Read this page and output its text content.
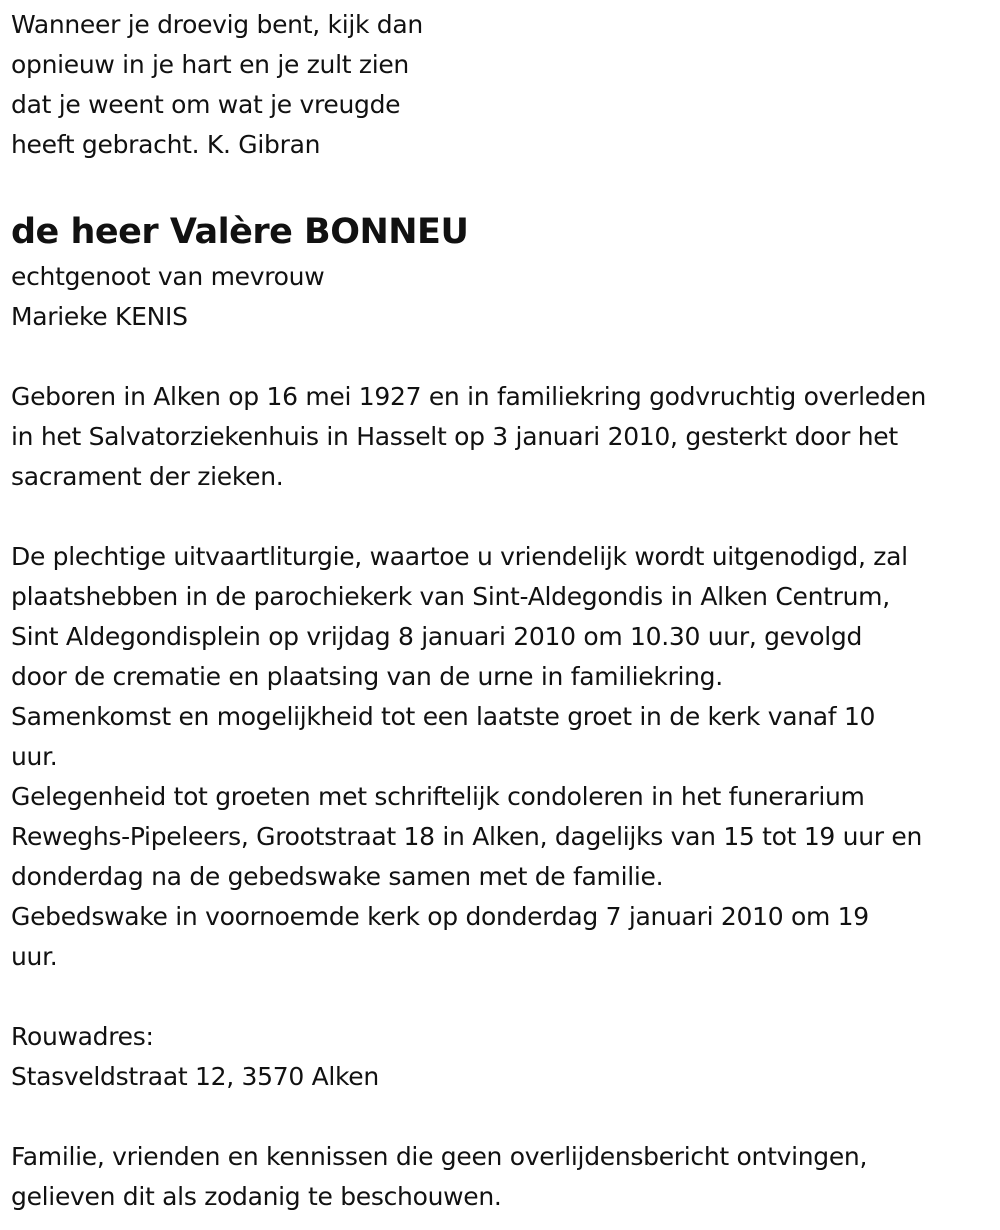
Wanneer je droevig bent, kijk dan
opnieuw in je hart en je zult zien
dat je weent om wat je vreugde
heeft gebracht. K. Gibran
de heer Valère BONNEU
echtgenoot van mevrouw
Marieke KENIS
Geboren in Alken op 16 mei 1927 en in familiekring godvruchtig overleden
in het Salvatorziekenhuis in Hasselt op 3 januari 2010, gesterkt door het
sacrament der zieken.
De plechtige uitvaartliturgie, waartoe u vriendelijk wordt uitgenodigd, zal
plaatshebben in de parochiekerk van Sint-Aldegondis in Alken Centrum,
Sint Aldegondisplein op vrijdag 8 januari 2010 om 10.30 uur, gevolgd
door de crematie en plaatsing van de urne in familiekring.
Samenkomst en mogelijkheid tot een laatste groet in de kerk vanaf 10
uur.
Gelegenheid tot groeten met schriftelijk condoleren in het funerarium
Reweghs-Pipeleers, Grootstraat 18 in Alken, dagelijks van 15 tot 19 uur en
donderdag na de gebedswake samen met de familie.
Gebedswake in voornoemde kerk op donderdag 7 januari 2010 om 19
uur.
Rouwadres:
Stasveldstraat 12, 3570 Alken
Familie, vrienden en kennissen die geen overlijdensbericht ontvingen,
gelieven dit als zodanig te beschouwen.
